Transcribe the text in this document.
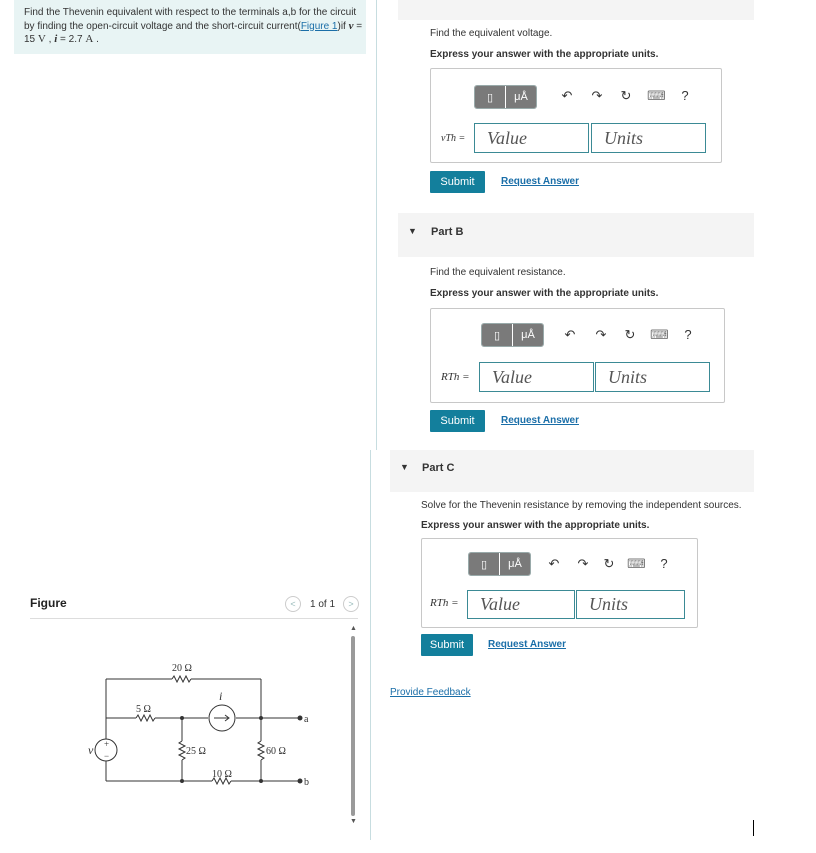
Find the Thevenin equivalent with respect to the terminals a,b for the circuit by finding the open-circuit voltage and the short-circuit current(Figure 1)if v = 15 V , i = 2.7 A .
Find the equivalent voltage.
Express your answer with the appropriate units.
▯	μÅ	↶ ↷ ↻ ⌨	?
vTh =	Value	Units
Submit	Request Answer
▼ Part B
Find the equivalent resistance.
Express your answer with the appropriate units.
▯	μÅ	↶ ↷ ↻ ⌨	?
RTh =	Value	Units
Submit	Request Answer
▼ Part C
Solve for the Thevenin resistance by removing the independent sources.
Express your answer with the appropriate units.
▯	μÅ	↶ ↷ ↻ ⌨	?
RTh =	Value	Units
Submit	Request Answer
Provide Feedback
Figure	<	1 of 1	>
▲
▼
20 Ω
5 Ω
25 Ω
10 Ω
60 Ω
i
v +
−
a
b
